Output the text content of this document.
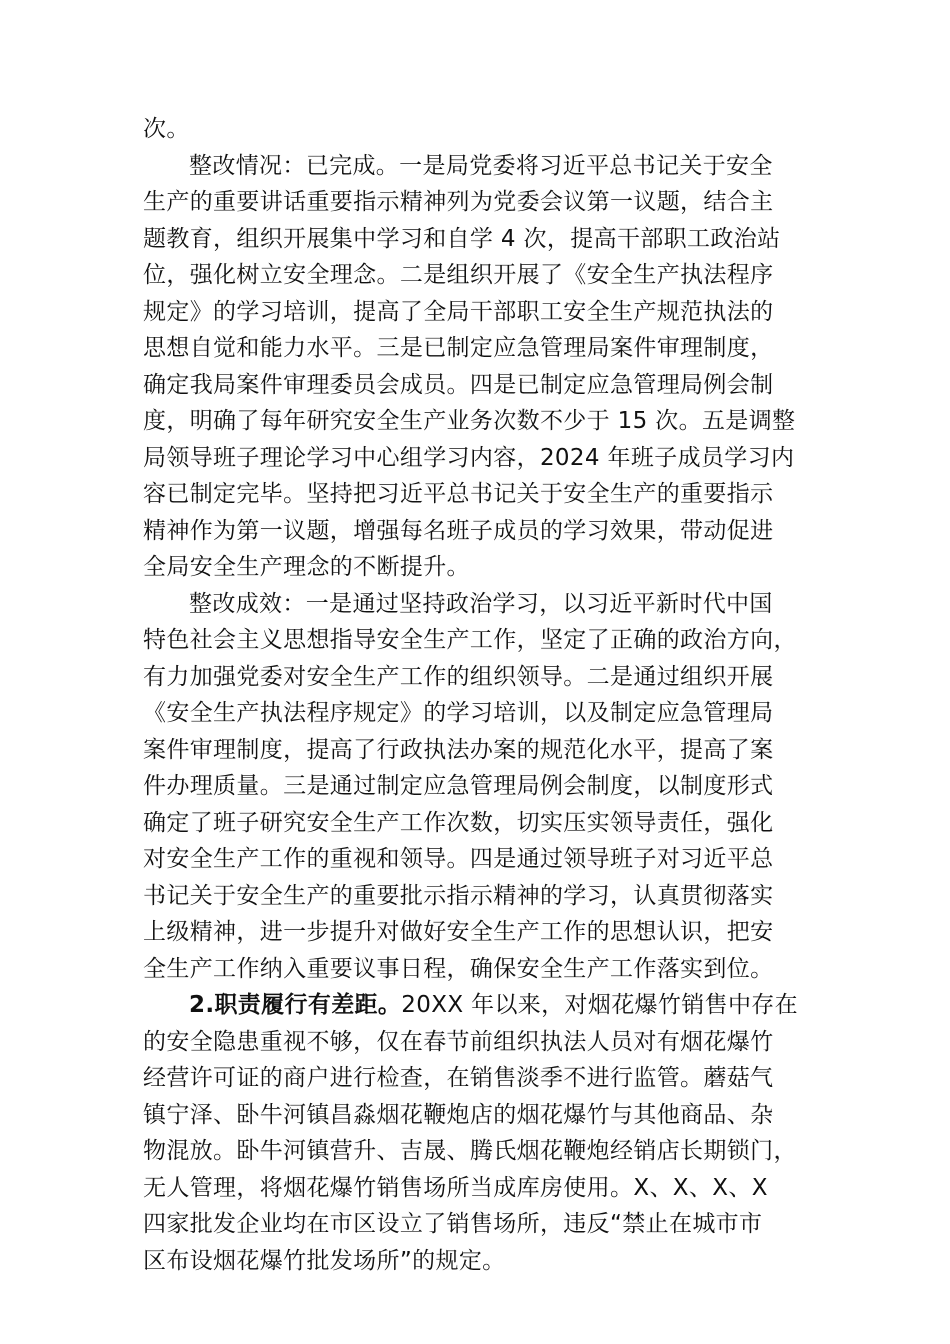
次。
整改情况：已完成。一是局党委将习近平总书记关于安全
生产的重要讲话重要指示精神列为党委会议第一议题，结合主
题教育，组织开展集中学习和自学 4 次，提高干部职工政治站
位，强化树立安全理念。二是组织开展了《安全生产执法程序
规定》的学习培训，提高了全局干部职工安全生产规范执法的
思想自觉和能力水平。三是已制定应急管理局案件审理制度，
确定我局案件审理委员会成员。四是已制定应急管理局例会制
度，明确了每年研究安全生产业务次数不少于 15 次。五是调整
局领导班子理论学习中心组学习内容，2024 年班子成员学习内
容已制定完毕。坚持把习近平总书记关于安全生产的重要指示
精神作为第一议题，增强每名班子成员的学习效果，带动促进
全局安全生产理念的不断提升。
整改成效：一是通过坚持政治学习，以习近平新时代中国
特色社会主义思想指导安全生产工作，坚定了正确的政治方向，
有力加强党委对安全生产工作的组织领导。二是通过组织开展
《安全生产执法程序规定》的学习培训，以及制定应急管理局
案件审理制度，提高了行政执法办案的规范化水平，提高了案
件办理质量。三是通过制定应急管理局例会制度，以制度形式
确定了班子研究安全生产工作次数，切实压实领导责任，强化
对安全生产工作的重视和领导。四是通过领导班子对习近平总
书记关于安全生产的重要批示指示精神的学习，认真贯彻落实
上级精神，进一步提升对做好安全生产工作的思想认识，把安
全生产工作纳入重要议事日程，确保安全生产工作落实到位。
2.职责履行有差距。20XX 年以来，对烟花爆竹销售中存在
的安全隐患重视不够，仅在春节前组织执法人员对有烟花爆竹
经营许可证的商户进行检查，在销售淡季不进行监管。蘑菇气
镇宁泽、卧牛河镇昌淼烟花鞭炮店的烟花爆竹与其他商品、杂
物混放。卧牛河镇营升、吉晟、腾氏烟花鞭炮经销店长期锁门，
无人管理，将烟花爆竹销售场所当成库房使用。X、X、X、X
四家批发企业均在市区设立了销售场所，违反“禁止在城市市
区布设烟花爆竹批发场所”的规定。
